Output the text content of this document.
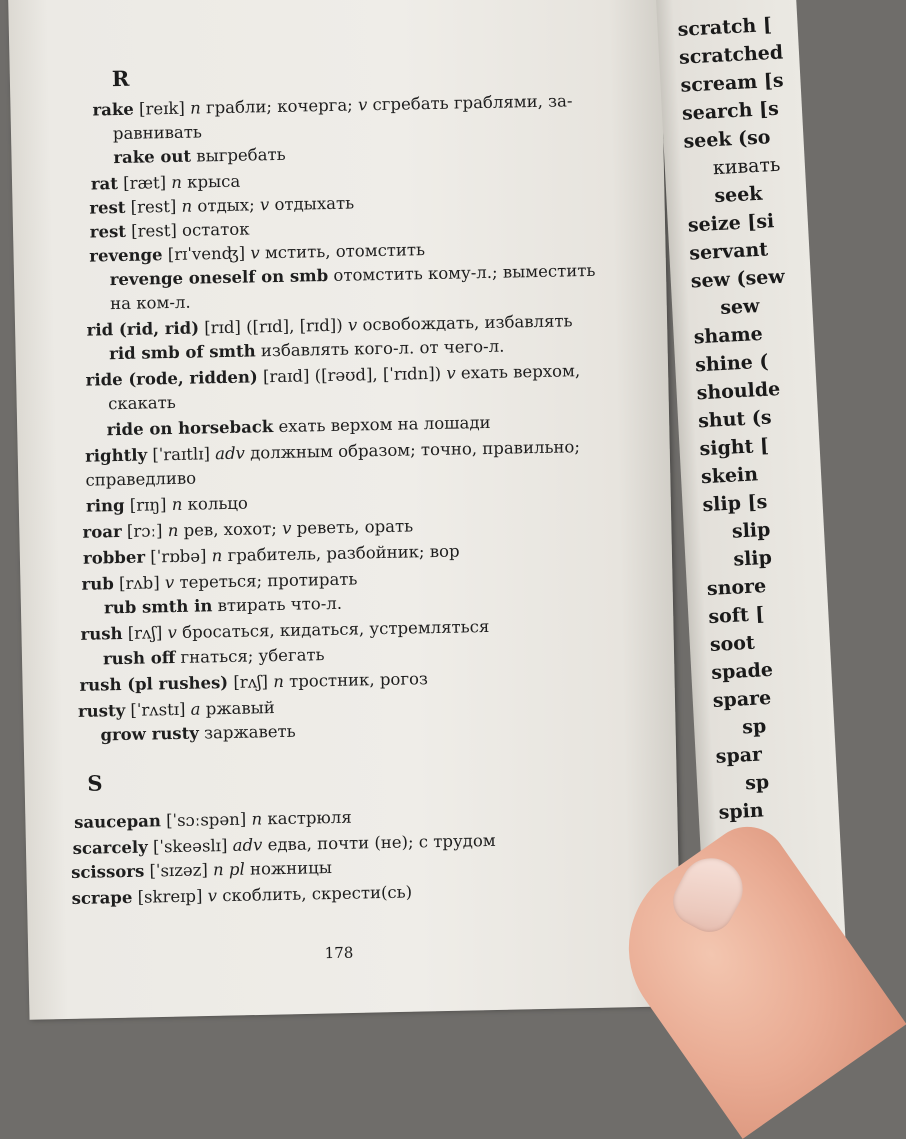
scratch [
scratched
scream [s
search [s
seek (so
кивать
seek
seize [si
servant
sew (sew
sew
shame
shine (
shoulde
shut (s
sight [
skein
slip [s
slip
slip
snore
soft [
soot
spade
spare
sp
spar
sp
spin
R
rake [reɪk] n грабли; кочерга; v сгребать граблями, за-
равнивать
rake out выгребать
rat [ræt] n крыса
rest [rest] n отдых; v отдыхать
rest [rest] остаток
revenge [rɪˈvenʤ] v мстить, отомстить
revenge oneself on smb отомстить кому-л.; выместить
на ком-л.
rid (rid, rid) [rɪd] ([rɪd], [rɪd]) v освобождать, избавлять
rid smb of smth избавлять кого-л. от чего-л.
ride (rode, ridden) [raɪd] ([rəʊd], [ˈrɪdn]) v ехать верхом,
скакать
ride on horseback ехать верхом на лошади
rightly [ˈraɪtlɪ] adv должным образом; точно, правильно;
справедливо
ring [rɪŋ] n кольцо
roar [rɔː] n рев, хохот; v реветь, орать
robber [ˈrɒbə] n грабитель, разбойник; вор
rub [rʌb] v тереться; протирать
rub smth in втирать что-л.
rush [rʌʃ] v бросаться, кидаться, устремляться
rush off гнаться; убегать
rush (pl rushes) [rʌʃ] n тростник, рогоз
rusty [ˈrʌstɪ] a ржавый
grow rusty заржаветь
S
saucepan [ˈsɔːspən] n кастрюля
scarcely [ˈskeəslɪ] adv едва, почти (не); с трудом
scissors [ˈsɪzəz] n pl ножницы
scrape [skreɪp] v скоблить, скрести(сь)
178
